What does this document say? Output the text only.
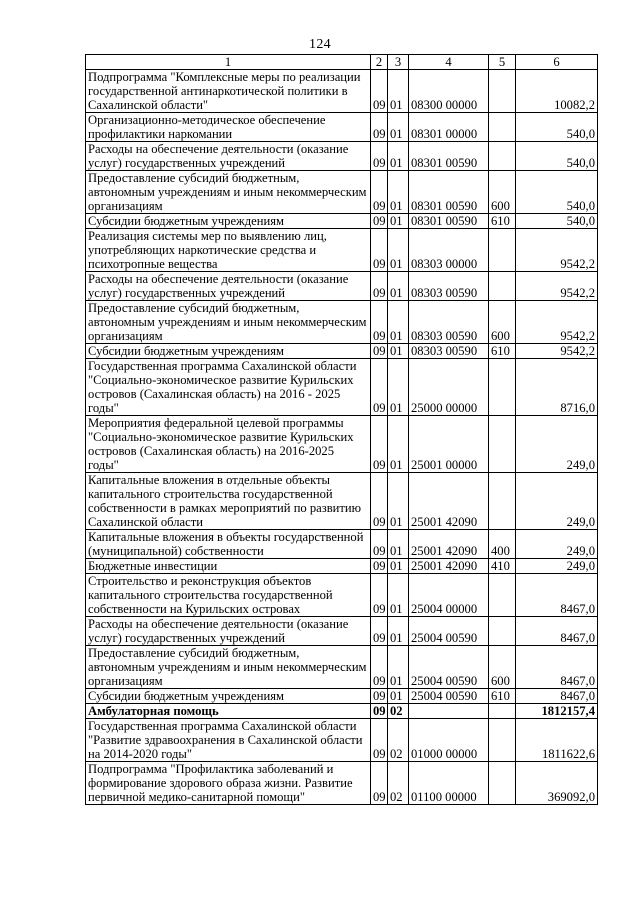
124
1	2	3	4	5	6
Подпрограмма "Комплексные меры по реализации
государственной антинаркотической политики в
Сахалинской области"	09	01	08300 00000		10082,2
Организационно-методическое обеспечение
профилактики наркомании	09	01	08301 00000		540,0
Расходы на обеспечение деятельности (оказание
услуг) государственных учреждений	09	01	08301 00590		540,0
Предоставление субсидий бюджетным,
автономным учреждениям и иным некоммерческим
организациям	09	01	08301 00590	600	540,0
Субсидии бюджетным учреждениям	09	01	08301 00590	610	540,0
Реализация системы мер по выявлению лиц,
употребляющих наркотические средства и
психотропные вещества	09	01	08303 00000		9542,2
Расходы на обеспечение деятельности (оказание
услуг) государственных учреждений	09	01	08303 00590		9542,2
Предоставление субсидий бюджетным,
автономным учреждениям и иным некоммерческим
организациям	09	01	08303 00590	600	9542,2
Субсидии бюджетным учреждениям	09	01	08303 00590	610	9542,2
Государственная программа Сахалинской области
"Социально-экономическое развитие Курильских
островов (Сахалинская область) на 2016 - 2025
годы"	09	01	25000 00000		8716,0
Мероприятия федеральной целевой программы
"Социально-экономическое развитие Курильских
островов (Сахалинская область) на 2016-2025
годы"	09	01	25001 00000		249,0
Капитальные вложения в отдельные объекты
капитального строительства государственной
собственности в рамках мероприятий по развитию
Сахалинской области	09	01	25001 42090		249,0
Капитальные вложения в объекты государственной
(муниципальной) собственности	09	01	25001 42090	400	249,0
Бюджетные инвестиции	09	01	25001 42090	410	249,0
Строительство и реконструкция объектов
капитального строительства государственной
собственности на Курильских островах	09	01	25004 00000		8467,0
Расходы на обеспечение деятельности (оказание
услуг) государственных учреждений	09	01	25004 00590		8467,0
Предоставление субсидий бюджетным,
автономным учреждениям и иным некоммерческим
организациям	09	01	25004 00590	600	8467,0
Субсидии бюджетным учреждениям	09	01	25004 00590	610	8467,0
Амбулаторная помощь	09	02			1812157,4
Государственная программа Сахалинской области
"Развитие здравоохранения в Сахалинской области
на 2014-2020 годы"	09	02	01000 00000		1811622,6
Подпрограмма "Профилактика заболеваний и
формирование здорового образа жизни. Развитие
первичной медико-санитарной помощи"	09	02	01100 00000		369092,0
